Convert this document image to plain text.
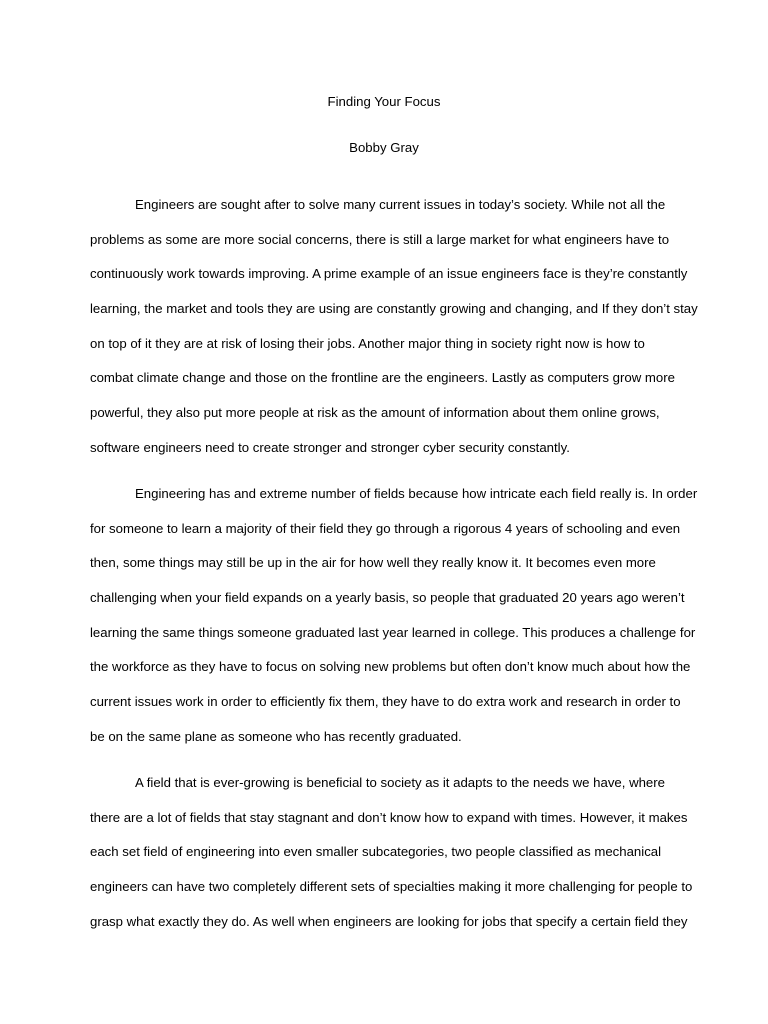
Finding Your Focus
Bobby Gray
Engineers are sought after to solve many current issues in today’s society. While not all the
problems as some are more social concerns, there is still a large market for what engineers have to
continuously work towards improving. A prime example of an issue engineers face is they’re constantly
learning, the market and tools they are using are constantly growing and changing, and If they don’t stay
on top of it they are at risk of losing their jobs. Another major thing in society right now is how to
combat climate change and those on the frontline are the engineers. Lastly as computers grow more
powerful, they also put more people at risk as the amount of information about them online grows,
software engineers need to create stronger and stronger cyber security constantly.
Engineering has and extreme number of fields because how intricate each field really is. In order
for someone to learn a majority of their field they go through a rigorous 4 years of schooling and even
then, some things may still be up in the air for how well they really know it. It becomes even more
challenging when your field expands on a yearly basis, so people that graduated 20 years ago weren’t
learning the same things someone graduated last year learned in college. This produces a challenge for
the workforce as they have to focus on solving new problems but often don’t know much about how the
current issues work in order to efficiently fix them, they have to do extra work and research in order to
be on the same plane as someone who has recently graduated.
A field that is ever-growing is beneficial to society as it adapts to the needs we have, where
there are a lot of fields that stay stagnant and don’t know how to expand with times. However, it makes
each set field of engineering into even smaller subcategories, two people classified as mechanical
engineers can have two completely different sets of specialties making it more challenging for people to
grasp what exactly they do. As well when engineers are looking for jobs that specify a certain field they
